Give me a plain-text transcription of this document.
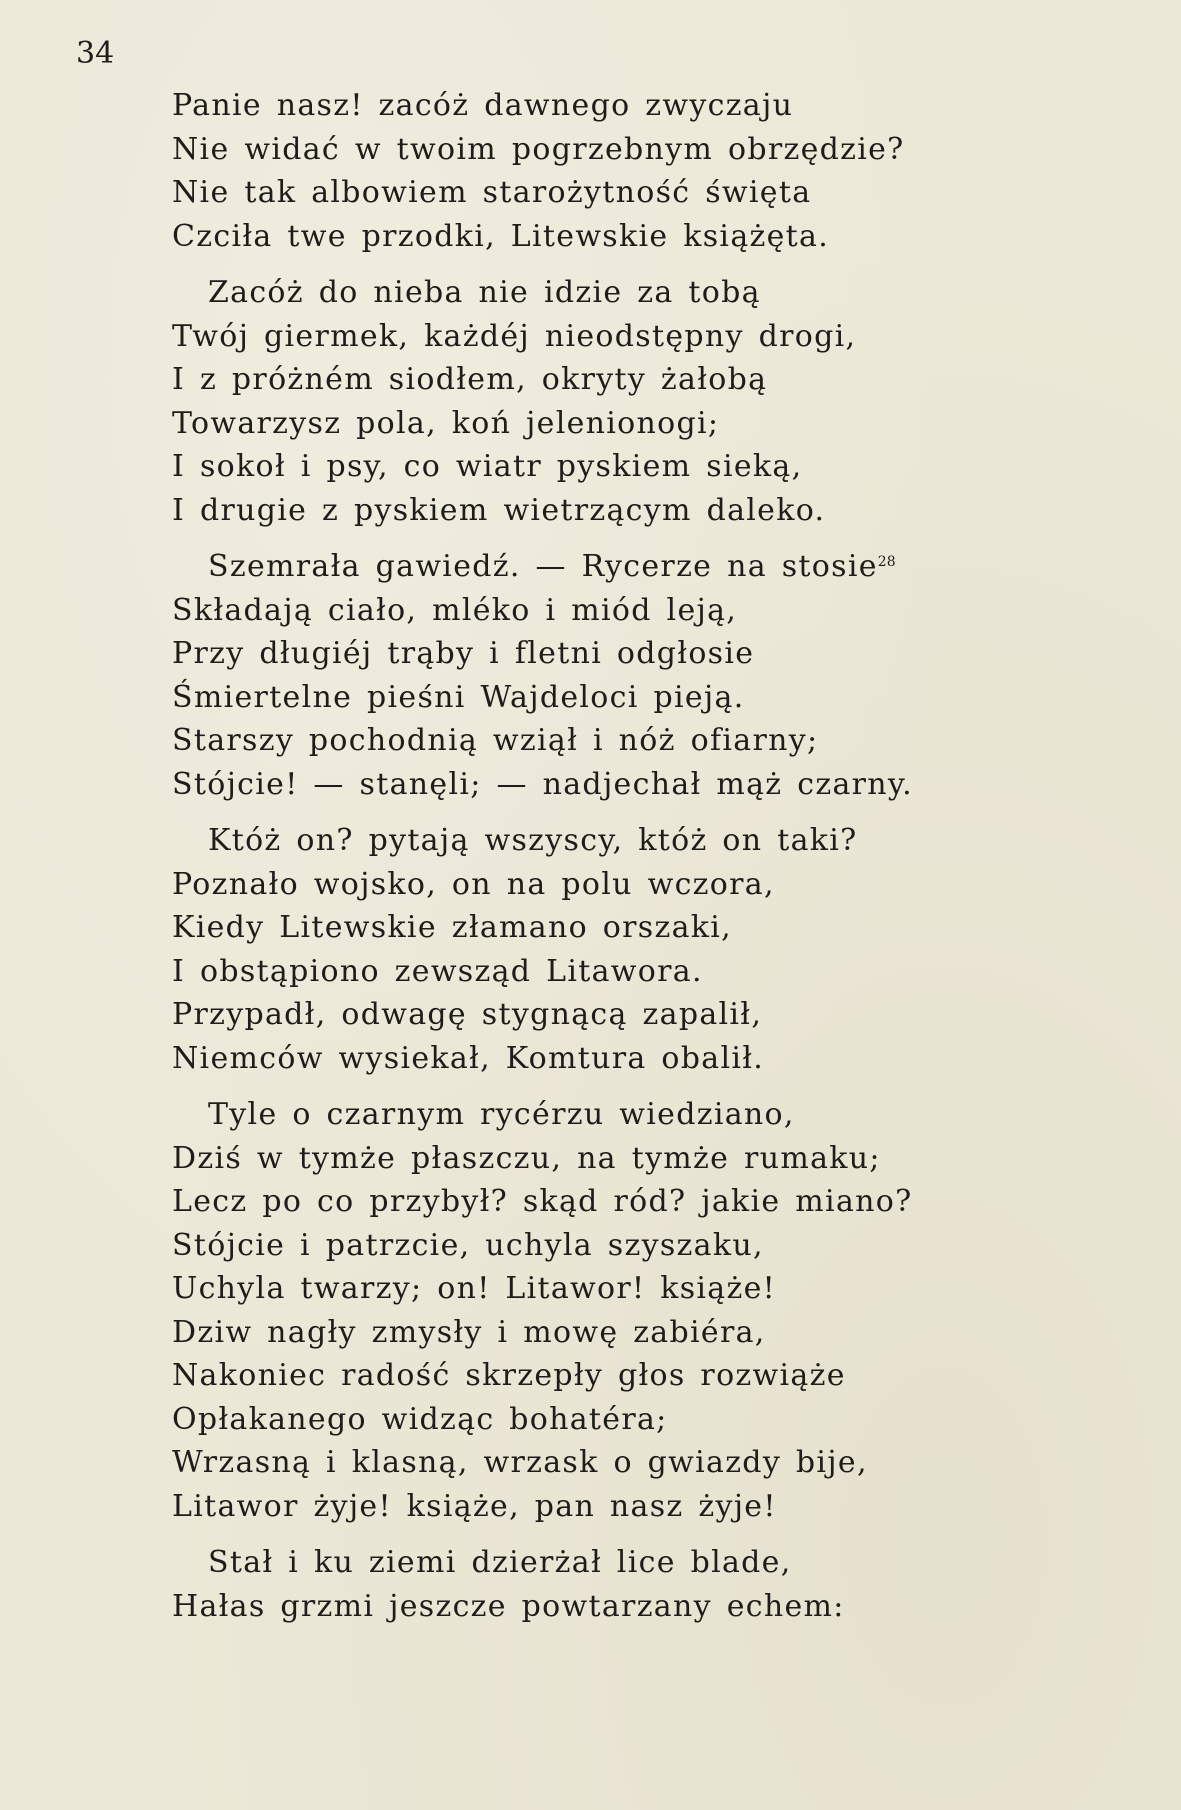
34
Panie nasz! zacóż dawnego zwyczaju
Nie widać w twoim pogrzebnym obrzędzie?
Nie tak albowiem starożytność święta
Czciła twe przodki, Litewskie książęta.
Zacóż do nieba nie idzie za tobą
Twój giermek, każdéj nieodstępny drogi,
I z próżném siodłem, okryty żałobą
Towarzysz pola, koń jelenionogi;
I sokoł i psy, co wiatr pyskiem sieką,
I drugie z pyskiem wietrzącym daleko.
Szemrała gawiedź. — Rycerze na stosie$^{28}$
Składają ciało, mléko i miód leją,
Przy długiéj trąby i fletni odgłosie
Śmiertelne pieśni Wajdeloci pieją.
Starszy pochodnią wziął i nóż ofiarny;
Stójcie! — stanęli; — nadjechał mąż czarny.
Któż on? pytają wszyscy, któż on taki?
Poznało wojsko, on na polu wczora,
Kiedy Litewskie złamano orszaki,
I obstąpiono zewsząd Litawora.
Przypadł, odwagę stygnącą zapalił,
Niemców wysiekał, Komtura obalił.
Tyle o czarnym rycérzu wiedziano,
Dziś w tymże płaszczu, na tymże rumaku;
Lecz po co przybył? skąd ród? jakie miano?
Stójcie i patrzcie, uchyla szyszaku,
Uchyla twarzy; on! Litawor! książe!
Dziw nagły zmysły i mowę zabiéra,
Nakoniec radość skrzepły głos rozwiąże
Opłakanego widząc bohatéra;
Wrzasną i klasną, wrzask o gwiazdy bije,
Litawor żyje! książe, pan nasz żyje!
Stał i ku ziemi dzierżał lice blade,
Hałas grzmi jeszcze powtarzany echem:
